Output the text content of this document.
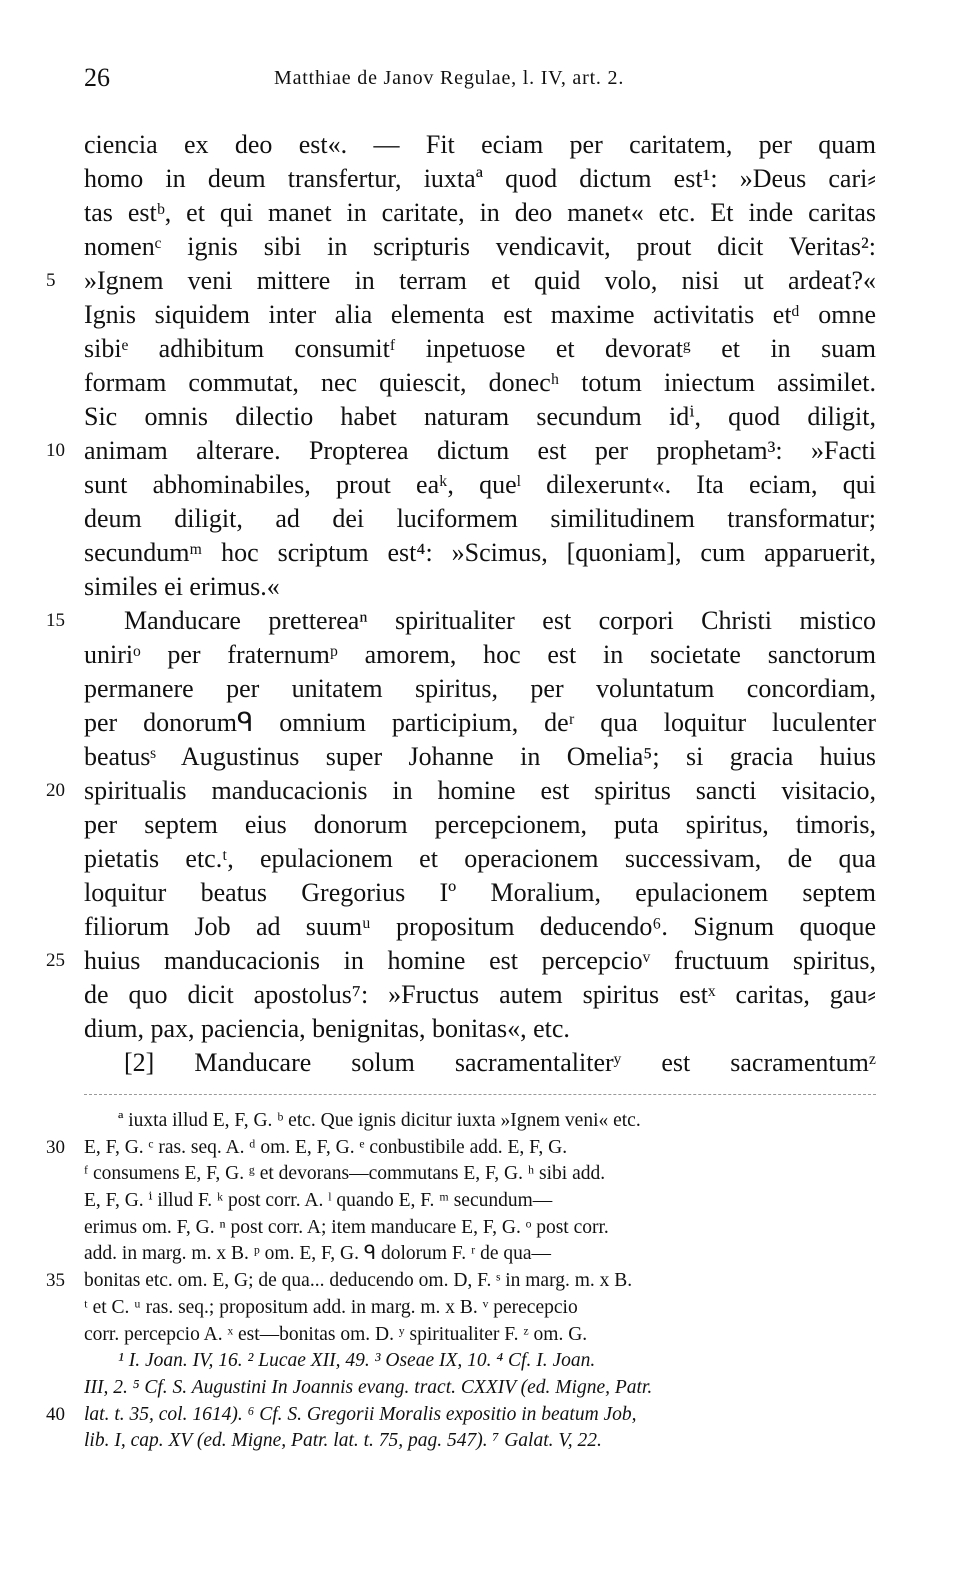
26	Matthiae de Janov Regulae, l. IV, art. 2.
ciencia ex deo est«. — Fit eciam per caritatem, per quam
homo in deum transfertur, iuxtaª quod dictum est¹: »Deus cari⸗
tas estᵇ, et qui manet in caritate, in deo manet« etc. Et inde caritas
nomenᶜ ignis sibi in scripturis vendicavit, prout dicit Veritas²:
5	»Ignem veni mittere in terram et quid volo, nisi ut ardeat?«
Ignis siquidem inter alia elementa est maxime activitatis etᵈ omne
sibiᵉ adhibitum consumitᶠ inpetuose et devoratᵍ et in suam
formam commutat, nec quiescit, donecʰ totum iniectum assimilet.
Sic omnis dilectio habet naturam secundum idⁱ, quod diligit,
10 animam alterare. Propterea dictum est per prophetam³: »Facti
sunt abhominabiles, prout eaᵏ, queˡ dilexerunt«. Ita eciam, qui
deum diligit, ad dei luciformem similitudinem transformatur;
secundumᵐ hoc scriptum est⁴: »Scimus, [quoniam], cum apparuerit,
similes ei erimus.«
15	Manducare prettereaⁿ spiritualiter est corpori Christi mistico
uniriᵒ per fraternumᵖ amorem, hoc est in societate sanctorum
permanere per unitatem spiritus, per voluntatum concordiam,
per donorumᑫ omnium participium, deʳ qua loquitur luculenter
beatusˢ Augustinus super Johanne in Omelia⁵; si gracia huius
20 spiritualis manducacionis in homine est spiritus sancti visitacio,
per septem eius donorum percepcionem, puta spiritus, timoris,
pietatis etc.ᵗ, epulacionem et operacionem successivam, de qua
loquitur beatus Gregorius Iº Moralium, epulacionem septem
filiorum Job ad suumᵘ propositum deducendo⁶. Signum quoque
25 huius manducacionis in homine est percepcioᵛ fructuum spiritus,
de quo dicit apostolus⁷: »Fructus autem spiritus estˣ caritas, gau⸗
dium, pax, paciencia, benignitas, bonitas«, etc.
[2] Manducare solum sacramentaliterʸ est sacramentumᶻ
ª iuxta illud E, F, G. ᵇ etc. Que ignis dicitur iuxta »Ignem veni« etc.
30 E, F, G. ᶜ ras. seq. A. ᵈ om. E, F, G. ᵉ conbustibile add. E, F, G.
ᶠ consumens E, F, G. ᵍ et devorans—commutans E, F, G. ʰ sibi add.
E, F, G. ⁱ illud F. ᵏ post corr. A. ˡ quando E, F. ᵐ secundum—
erimus om. F, G. ⁿ post corr. A; item manducare E, F, G. ᵒ post corr.
add. in marg. m. x B. ᵖ om. E, F, G. ᑫ dolorum F. ʳ de qua—
35 bonitas etc. om. E, G; de qua... deducendo om. D, F. ˢ in marg. m. x B.
ᵗ et C. ᵘ ras. seq.; propositum add. in marg. m. x B. ᵛ perecepcio
corr. percepcio A. ˣ est—bonitas om. D. ʸ spiritualiter F. ᶻ om. G.
¹ I. Joan. IV, 16. ² Lucae XII, 49. ³ Oseae IX, 10. ⁴ Cf. I. Joan.
III, 2. ⁵ Cf. S. Augustini In Joannis evang. tract. CXXIV (ed. Migne, Patr.
40 lat. t. 35, col. 1614). ⁶ Cf. S. Gregorii Moralis expositio in beatum Job,
lib. I, cap. XV (ed. Migne, Patr. lat. t. 75, pag. 547). ⁷ Galat. V, 22.
